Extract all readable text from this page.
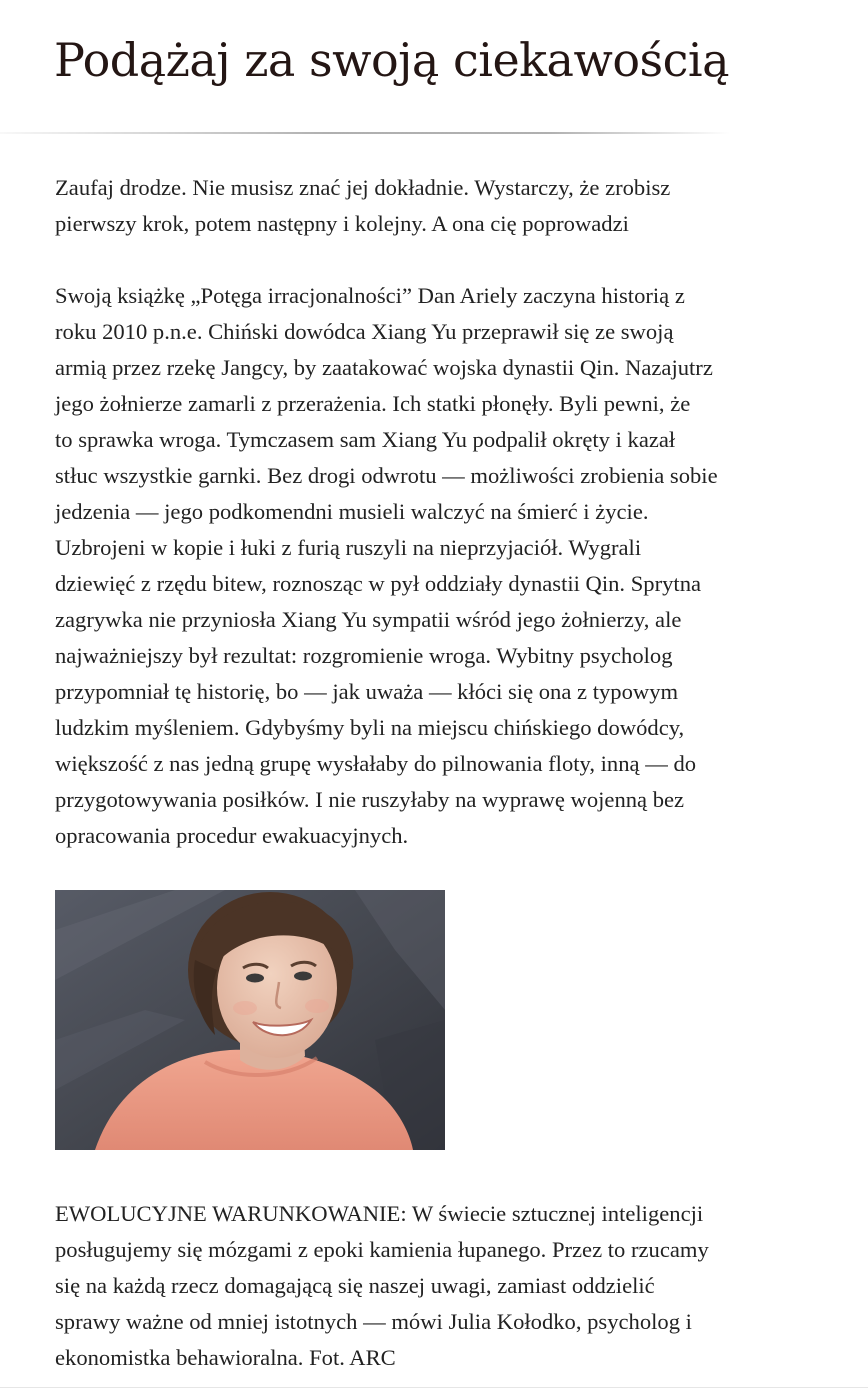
Podążaj za swoją ciekawością

Zaufaj drodze. Nie musisz znać jej dokładnie. Wystarczy, że zrobisz
pierwszy krok, potem następny i kolejny. A ona cię poprowadzi

Swoją książkę „Potęga irracjonalności” Dan Ariely zaczyna historią z
roku 2010 p.n.e. Chiński dowódca Xiang Yu przeprawił się ze swoją
armią przez rzekę Jangcy, by zaatakować wojska dynastii Qin. Nazajutrz
jego żołnierze zamarli z przerażenia. Ich statki płonęły. Byli pewni, że
to sprawka wroga. Tymczasem sam Xiang Yu podpalił okręty i kazał
stłuc wszystkie garnki. Bez drogi odwrotu — możliwości zrobienia sobie
jedzenia — jego podkomendni musieli walczyć na śmierć i życie.
Uzbrojeni w kopie i łuki z furią ruszyli na nieprzyjaciół. Wygrali
dziewięć z rzędu bitew, roznosząc w pył oddziały dynastii Qin. Sprytna
zagrywka nie przyniosła Xiang Yu sympatii wśród jego żołnierzy, ale
najważniejszy był rezultat: rozgromienie wroga. Wybitny psycholog
przypomniał tę historię, bo — jak uważa — kłóci się ona z typowym
ludzkim myśleniem. Gdybyśmy byli na miejscu chińskiego dowódcy,
większość z nas jedną grupę wysłałaby do pilnowania floty, inną — do
przygotowywania posiłków. I nie ruszyłaby na wyprawę wojenną bez
opracowania procedur ewakuacyjnych.

EWOLUCYJNE WARUNKOWANIE: W świecie sztucznej inteligencji
posługujemy się mózgami z epoki kamienia łupanego. Przez to rzucamy
się na każdą rzecz domagającą się naszej uwagi, zamiast oddzielić
sprawy ważne od mniej istotnych — mówi Julia Kołodko, psycholog i
ekonomistka behawioralna. Fot. ARC
